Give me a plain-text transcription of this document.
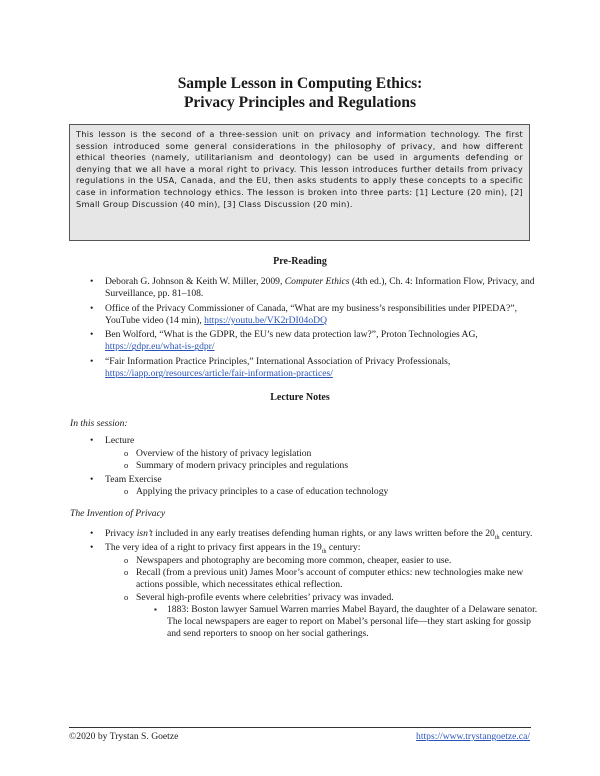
Sample Lesson in Computing Ethics:
Privacy Principles and Regulations
This lesson is the second of a three-session unit on privacy and information technology. The first session introduced some general considerations in the philosophy of privacy, and how different ethical theories (namely, utilitarianism and deontology) can be used in arguments defending or denying that we all have a moral right to privacy. This lesson introduces further details from privacy regulations in the USA, Canada, and the EU, then asks students to apply these concepts to a specific case in information technology ethics. The lesson is broken into three parts: [1] Lecture (20 min), [2] Small Group Discussion (40 min), [3] Class Discussion (20 min).
Pre-Reading
• Deborah G. Johnson & Keith W. Miller, 2009, Computer Ethics (4th ed.), Ch. 4: Information Flow, Privacy, and Surveillance, pp. 81–108.
• Office of the Privacy Commissioner of Canada, “What are my business’s responsibilities under PIPEDA?”, YouTube video (14 min), https://youtu.be/VK2rDI04oDQ
• Ben Wolford, “What is the GDPR, the EU’s new data protection law?”, Proton Technologies AG, https://gdpr.eu/what-is-gdpr/
• “Fair Information Practice Principles,” International Association of Privacy Professionals, https://iapp.org/resources/article/fair-information-practices/
Lecture Notes
In this session:
• Lecture
o Overview of the history of privacy legislation
o Summary of modern privacy principles and regulations
• Team Exercise
o Applying the privacy principles to a case of education technology
The Invention of Privacy
• Privacy isn’t included in any early treatises defending human rights, or any laws written before the $20_{th}$ century.
• The very idea of a right to privacy first appears in the $19_{th}$ century:
o Newspapers and photography are becoming more common, cheaper, easier to use.
o Recall (from a previous unit) James Moor’s account of computer ethics: new technologies make new actions possible, which necessitates ethical reflection.
o Several high-profile events where celebrities’ privacy was invaded.
▪ 1883: Boston lawyer Samuel Warren marries Mabel Bayard, the daughter of a Delaware senator. The local newspapers are eager to report on Mabel’s personal life—they start asking for gossip and send reporters to snoop on her social gatherings.
©2020 by Trystan S. Goetze	https://www.trystangoetze.ca/
